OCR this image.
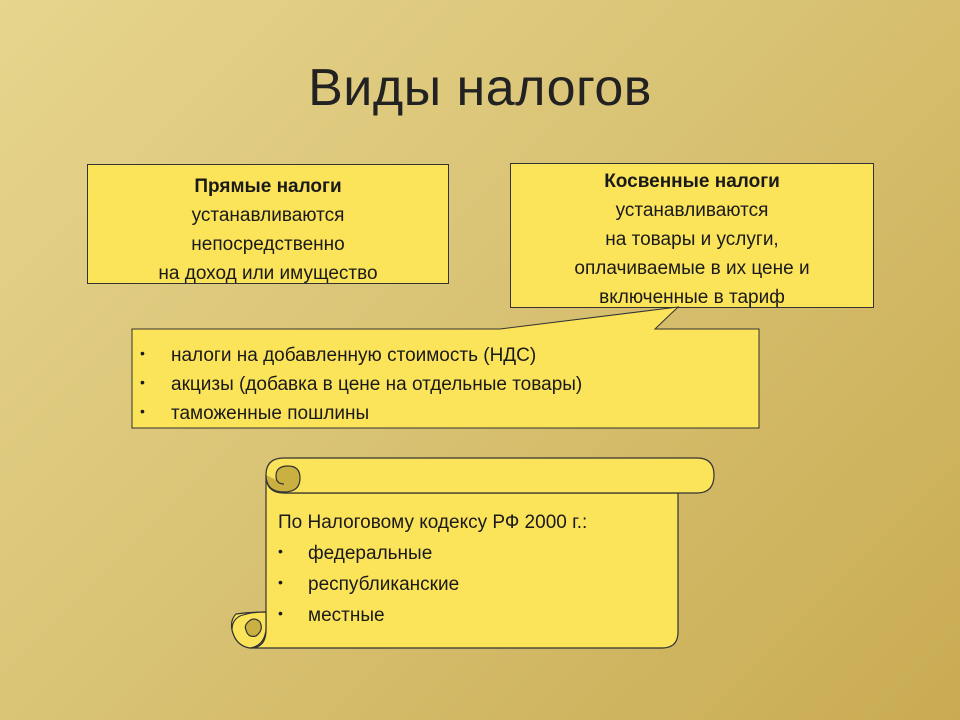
Виды налогов
Прямые налоги
устанавливаются
непосредственно
на доход или имущество
Косвенные налоги
устанавливаются
на товары и услуги,
оплачиваемые в их цене и
включенные в тариф
• налоги на добавленную стоимость (НДС)
• акцизы (добавка в цене на отдельные товары)
• таможенные пошлины
По Налоговому кодексу РФ 2000 г.:
• федеральные
• республиканские
• местные
